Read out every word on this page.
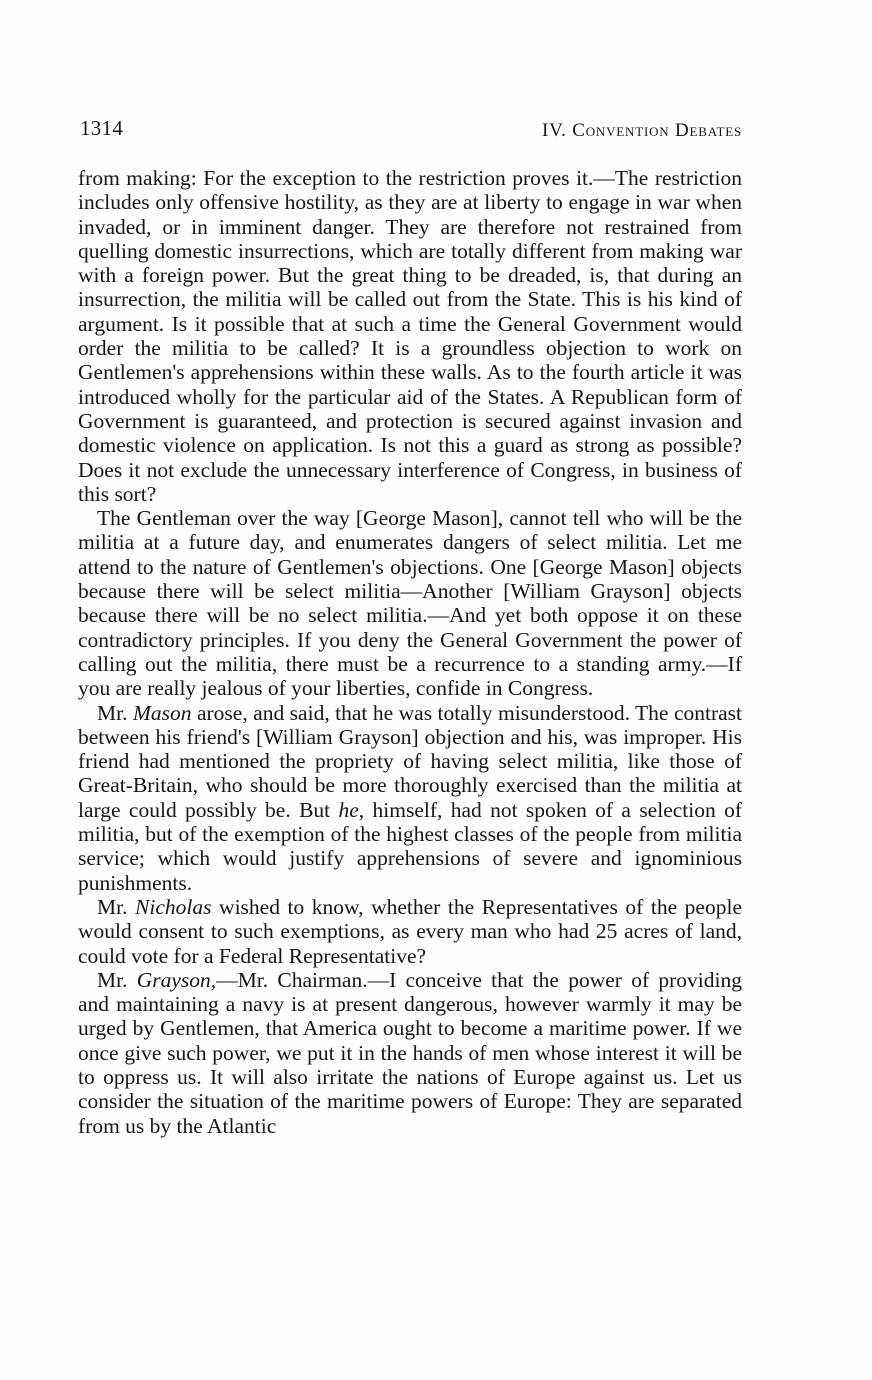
1314	IV. Convention Debates

from making: For the exception to the restriction proves it.—The restriction includes only offensive hostility, as they are at liberty to engage in war when invaded, or in imminent danger. They are therefore not restrained from quelling domestic insurrections, which are totally different from making war with a foreign power. But the great thing to be dreaded, is, that during an insurrection, the militia will be called out from the State. This is his kind of argument. Is it possible that at such a time the General Government would order the militia to be called? It is a groundless objection to work on Gentlemen's apprehensions within these walls. As to the fourth article it was introduced wholly for the particular aid of the States. A Republican form of Government is guaranteed, and protection is secured against invasion and domestic violence on application. Is not this a guard as strong as possible? Does it not exclude the unnecessary interference of Congress, in business of this sort?

The Gentleman over the way [George Mason], cannot tell who will be the militia at a future day, and enumerates dangers of select militia. Let me attend to the nature of Gentlemen's objections. One [George Mason] objects because there will be select militia—Another [William Grayson] objects because there will be no select militia.—And yet both oppose it on these contradictory principles. If you deny the General Government the power of calling out the militia, there must be a recurrence to a standing army.—If you are really jealous of your liberties, confide in Congress.

Mr. Mason arose, and said, that he was totally misunderstood. The contrast between his friend's [William Grayson] objection and his, was improper. His friend had mentioned the propriety of having select militia, like those of Great-Britain, who should be more thoroughly exercised than the militia at large could possibly be. But he, himself, had not spoken of a selection of militia, but of the exemption of the highest classes of the people from militia service; which would justify apprehensions of severe and ignominious punishments.

Mr. Nicholas wished to know, whether the Representatives of the people would consent to such exemptions, as every man who had 25 acres of land, could vote for a Federal Representative?

Mr. Grayson,—Mr. Chairman.—I conceive that the power of providing and maintaining a navy is at present dangerous, however warmly it may be urged by Gentlemen, that America ought to become a maritime power. If we once give such power, we put it in the hands of men whose interest it will be to oppress us. It will also irritate the nations of Europe against us. Let us consider the situation of the maritime powers of Europe: They are separated from us by the Atlantic
